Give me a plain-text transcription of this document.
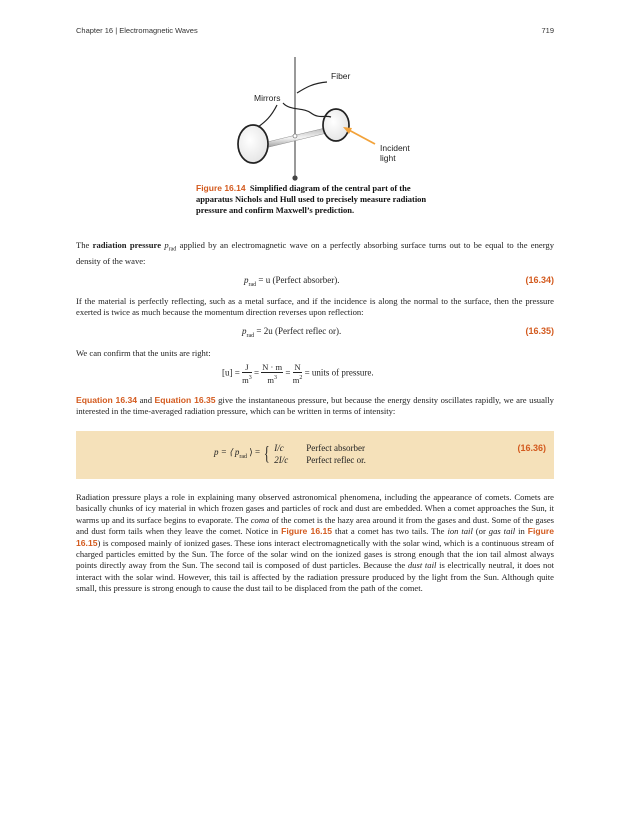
Chapter 16 | Electromagnetic Waves	719
Fiber
Mirrors
Incident
light
Figure 16.14 Simplified diagram of the central part of the apparatus Nichols and Hull used to precisely measure radiation pressure and confirm Maxwell’s prediction.
The radiation pressure $p_{rad}$ applied by an electromagnetic wave on a perfectly absorbing surface turns out to be equal to the energy density of the wave:
$p_{rad} = u$ (Perfect absorber).	(16.34)
If the material is perfectly reflecting, such as a metal surface, and if the incidence is along the normal to the surface, then the pressure exerted is twice as much because the momentum direction reverses upon reflection:
$p_{rad} = 2u$ (Perfect reflec or).	(16.35)
We can confirm that the units are right:
$[u] = \frac{J}{m^3} = \frac{N \cdot m}{m^3} = \frac{N}{m^2}$ = units of pressure.
Equation 16.34 and Equation 16.35 give the instantaneous pressure, but because the energy density oscillates rapidly, we are usually interested in the time-averaged radiation pressure, which can be written in terms of intensity:
p = ⟨ $p_{rad}$ ⟩ = { I/c	Perfect absorber
2I/c Perfect reflec or.
(16.36)
Radiation pressure plays a role in explaining many observed astronomical phenomena, including the appearance of comets. Comets are basically chunks of icy material in which frozen gases and particles of rock and dust are embedded. When a comet approaches the Sun, it warms up and its surface begins to evaporate. The coma of the comet is the hazy area around it from the gases and dust. Some of the gases and dust form tails when they leave the comet. Notice in Figure 16.15 that a comet has two tails. The ion tail (or gas tail in Figure 16.15) is composed mainly of ionized gases. These ions interact electromagnetically with the solar wind, which is a continuous stream of charged particles emitted by the Sun. The force of the solar wind on the ionized gases is strong enough that the ion tail almost always points directly away from the Sun. The second tail is composed of dust particles. Because the dust tail is electrically neutral, it does not interact with the solar wind. However, this tail is affected by the radiation pressure produced by the light from the Sun. Although quite small, this pressure is strong enough to cause the dust tail to be displaced from the path of the comet.
